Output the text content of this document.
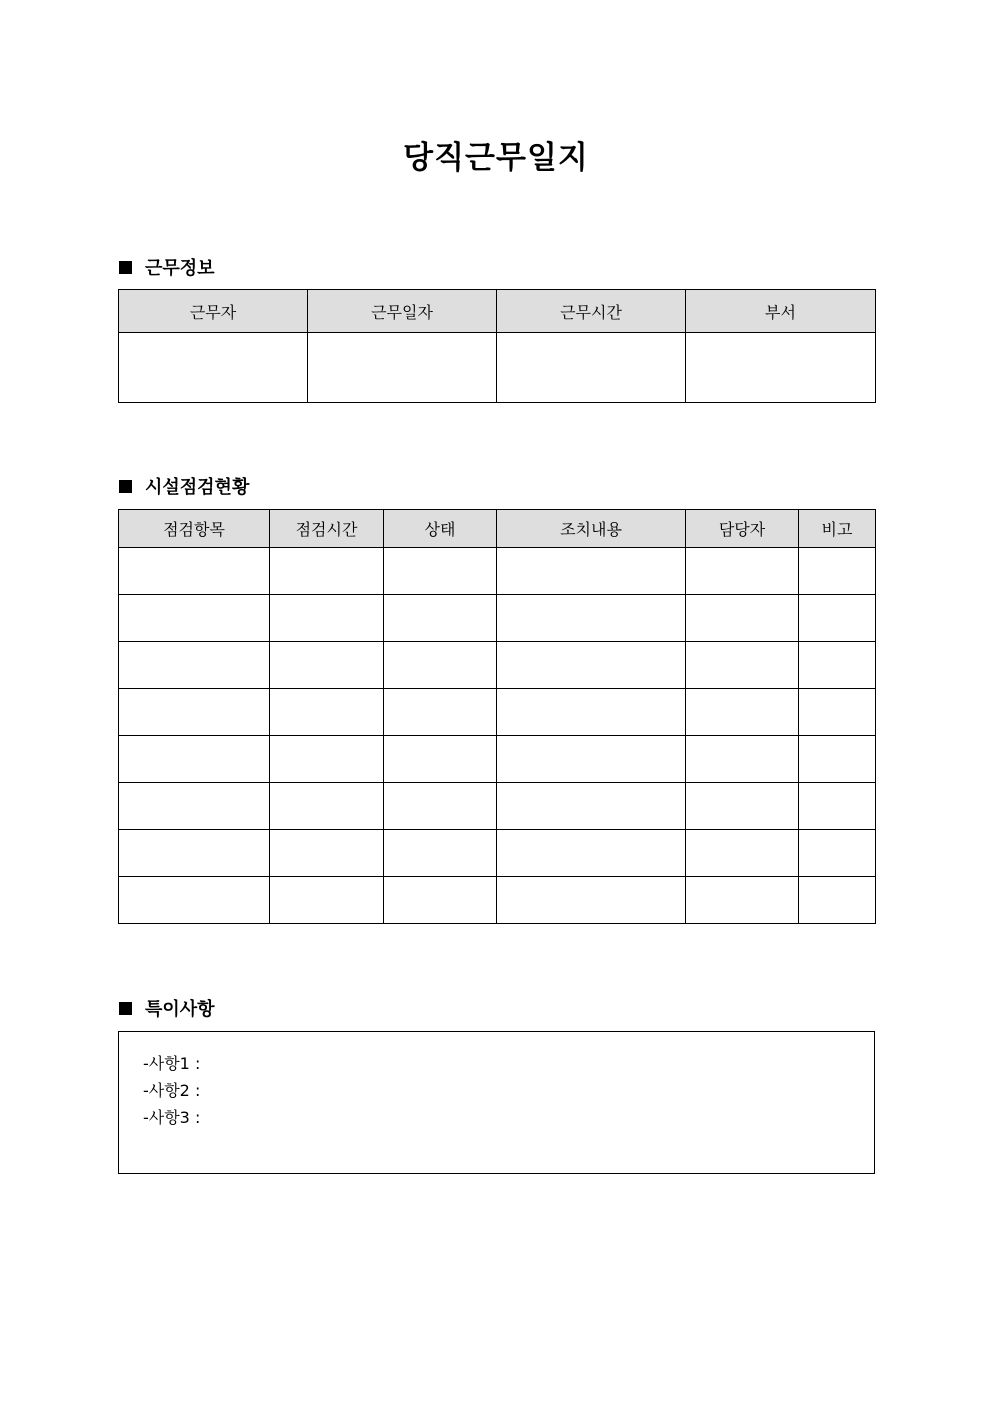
당직근무일지
근무정보
근무자	근무일자	근무시간	부서

시설점검현황
점검항목	점검시간	상태	조치내용	담당자	비고

특이사항
-사항1 :
-사항2 :
-사항3 :
